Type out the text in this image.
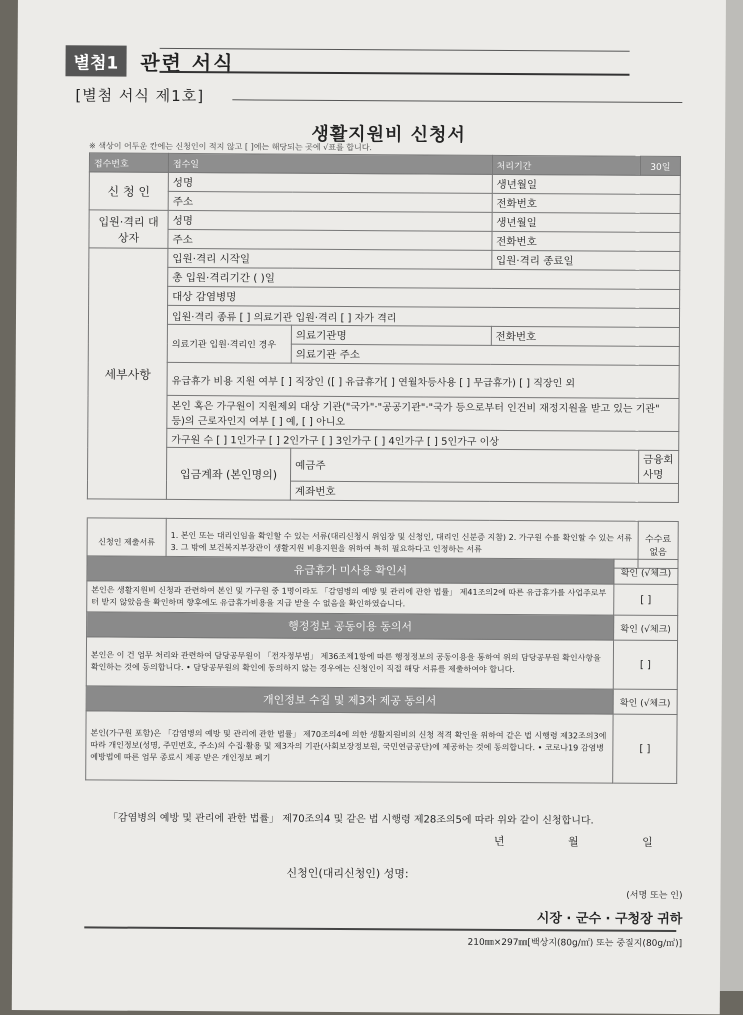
별첨1	관련 서식
[별첨 서식 제1호]
생활지원비 신청서
※ 색상이 어두운 칸에는 신청인이 적지 않고 [ ]에는 해당되는 곳에 √표를 합니다.
접수번호	접수일		처리기간	30일
신 청 인	성명		생년월일	
	주소		전화번호	
입원·격리 대상자	성명		생년월일	
	주소		전화번호	
세부사항	입원·격리 시작일		입원·격리 종료일	
	총 입원·격리기간 ( )일			
	대상 감염병명			
	입원·격리 종류 [ ] 의료기관 입원·격리 [ ] 자가 격리			
	의료기관 입원·격리인 경우	의료기관명	전화번호	
		의료기관 주소		
	유급휴가 비용 지원 여부 [ ] 직장인 ([ ] 유급휴가[ ] 연월차등사용 [ ] 무급휴가) [ ] 직장인 외			
	본인 혹은 가구원이 지원제외 대상 기관("국가"·"공공기관"·"국가 등으로부터 인건비 재정지원을 받고 있는 기관" 등)의 근로자인지 여부 [ ] 예, [ ] 아니오			
	가구원 수 [ ] 1인가구 [ ] 2인가구 [ ] 3인가구 [ ] 4인가구 [ ] 5인가구 이상			
	입금계좌 (본인명의)	예금주		금융회사명
		계좌번호		

신청인 제출서류	1. 본인 또는 대리인임을 확인할 수 있는 서류(대리신청시 위임장 및 신청인, 대리인 신분증 지참) 2. 가구원 수를 확인할 수 있는 서류 3. 그 밖에 보건복지부장관이 생활지원 비용지원을 위하여 특히 필요하다고 인정하는 서류			수수료 없음
유급휴가 미사용 확인서	확인 (√체크)
본인은 생활지원비 신청과 관련하여 본인 및 가구원 중 1명이라도 「감염병의 예방 및 관리에 관한 법률」 제41조의2에 따른 유급휴가를 사업주로부터 받지 않았음을 확인하며 향후에도 유급휴가비용을 지급 받을 수 없음을 확인하였습니다.	[ ]
행정정보 공동이용 동의서	확인 (√체크)
본인은 이 건 업무 처리와 관련하여 담당공무원이 「전자정부법」 제36조제1항에 따른 행정정보의 공동이용을 통하여 위의 담당공무원 확인사항을 확인하는 것에 동의합니다. • 담당공무원의 확인에 동의하지 않는 경우에는 신청인이 직접 해당 서류를 제출하여야 합니다.	[ ]
개인정보 수집 및 제3자 제공 동의서	확인 (√체크)
본인(가구원 포함)은 「감염병의 예방 및 관리에 관한 법률」 제70조의4에 의한 생활지원비의 신청 적격 확인을 위하여 같은 법 시행령 제32조의3에 따라 개인정보(성명, 주민번호, 주소)의 수집·활용 및 제3자의 기관(사회보장정보원, 국민연금공단)에 제공하는 것에 동의합니다. • 코로나19 감염병예방법에 따른 업무 종료시 제공 받은 개인정보 폐기	[ ]
「감염병의 예방 및 관리에 관한 법률」 제70조의4 및 같은 법 시행령 제28조의5에 따라 위와 같이 신청합니다.
년 월 일
신청인(대리신청인) 성명:
(서명 또는 인)
시장 · 군수 · 구청장 귀하
210㎜×297㎜[백상지(80g/㎡) 또는 중질지(80g/㎡)]
